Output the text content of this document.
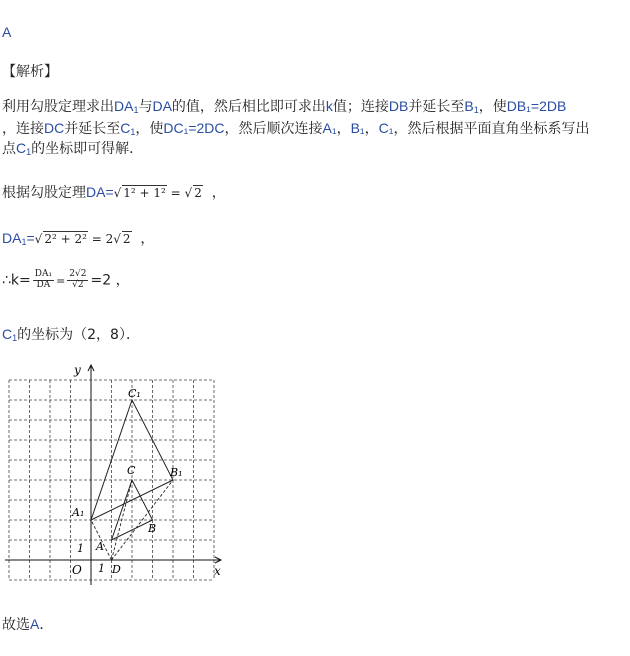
A
【解析】
利用勾股定理求出$DA_1$与DA的值，然后相比即可求出k值；连接DB并延长至$B_1$，使DB₁=2DB
，连接DC并延长至$C_1$，使DC₁=2DC，然后顺次连接A₁，B₁，C₁，然后根据平面直角坐标系写出
点$C_1$的坐标即可得解．
根据勾股定理DA=√ 1² + 1² = √ 2 ，
$DA_1=√$ 2² + 2² = 2√ 2 ，
∴k= $\frac{\text{DA₁}}{DA} = \frac{2√2}{√2} =2$ ，
$C_1$的坐标为（2，8）．
y
x
O 1
1 A
B
C
D
A₁
B₁
C₁
故选A．
